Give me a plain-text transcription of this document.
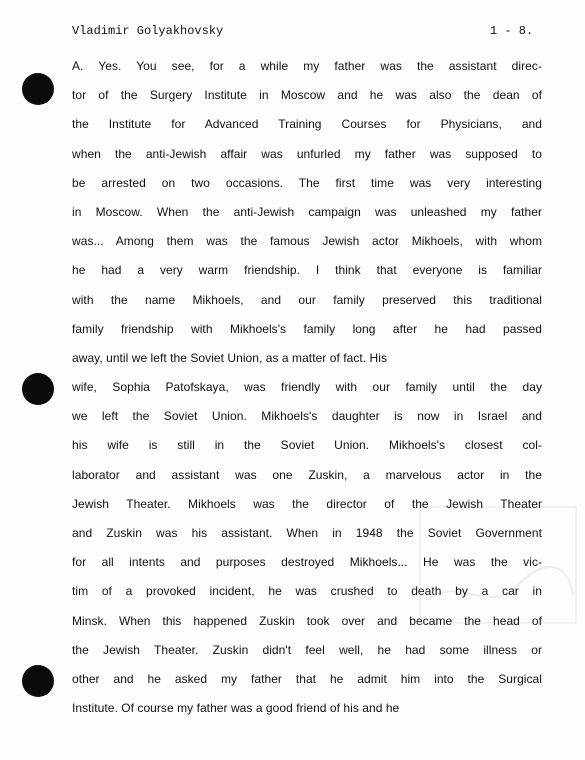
Vladimir Golyakhovsky	1 - 8.
A. Yes. You see, for a while my father was the assistant direc-
tor of the Surgery Institute in Moscow and he was also the dean of
the Institute for Advanced Training Courses for Physicians, and
when the anti-Jewish affair was unfurled my father was supposed to
be arrested on two occasions. The first time was very interesting
in Moscow. When the anti-Jewish campaign was unleashed my father
was... Among them was the famous Jewish actor Mikhoels, with whom
he had a very warm friendship. I think that everyone is familiar
with the name Mikhoels, and our family preserved this traditional
family friendship with Mikhoels's family long after he had passed
away, until we left the Soviet Union, as a matter of fact. His
wife, Sophia Patofskaya, was friendly with our family until the day
we left the Soviet Union. Mikhoels's daughter is now in Israel and
his wife is still in the Soviet Union. Mikhoels's closest col-
laborator and assistant was one Zuskin, a marvelous actor in the
Jewish Theater. Mikhoels was the director of the Jewish Theater
and Zuskin was his assistant. When in 1948 the Soviet Government
for all intents and purposes destroyed Mikhoels... He was the vic-
tim of a provoked incident, he was crushed to death by a car in
Minsk. When this happened Zuskin took over and became the head of
the Jewish Theater. Zuskin didn't feel well, he had some illness or
other and he asked my father that he admit him into the Surgical
Institute. Of course my father was a good friend of his and he
